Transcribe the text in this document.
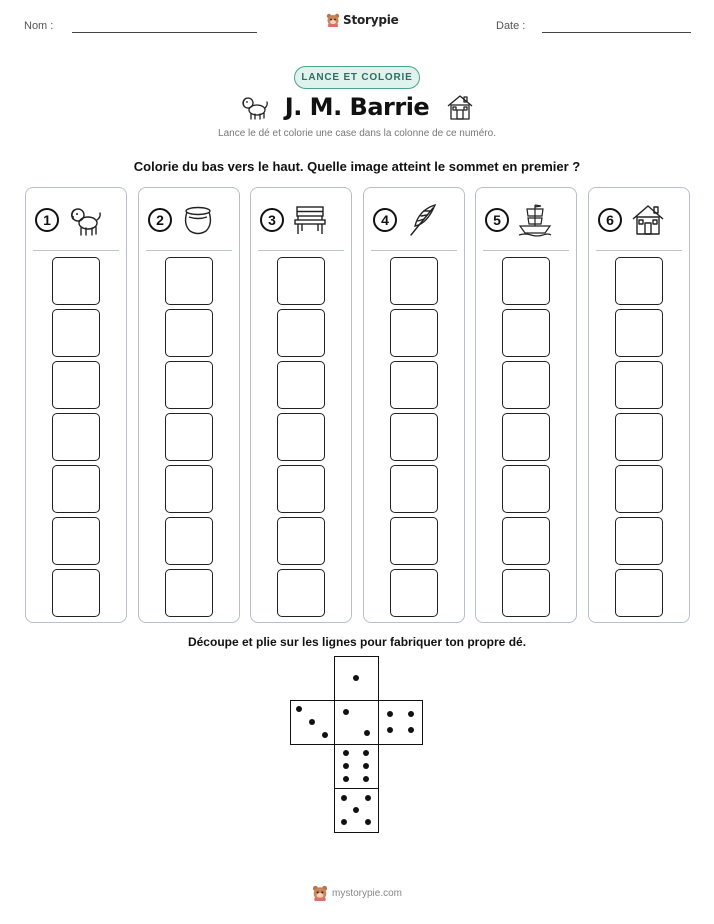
Nom :	Storypie	Date :
LANCE ET COLORIE
J. M. Barrie
Lance le dé et colorie une case dans la colonne de ce numéro.
Colorie du bas vers le haut. Quelle image atteint le sommet en premier ?
1	2	3	4	5	6
Découpe et plie sur les lignes pour fabriquer ton propre dé.
mystorypie.com
